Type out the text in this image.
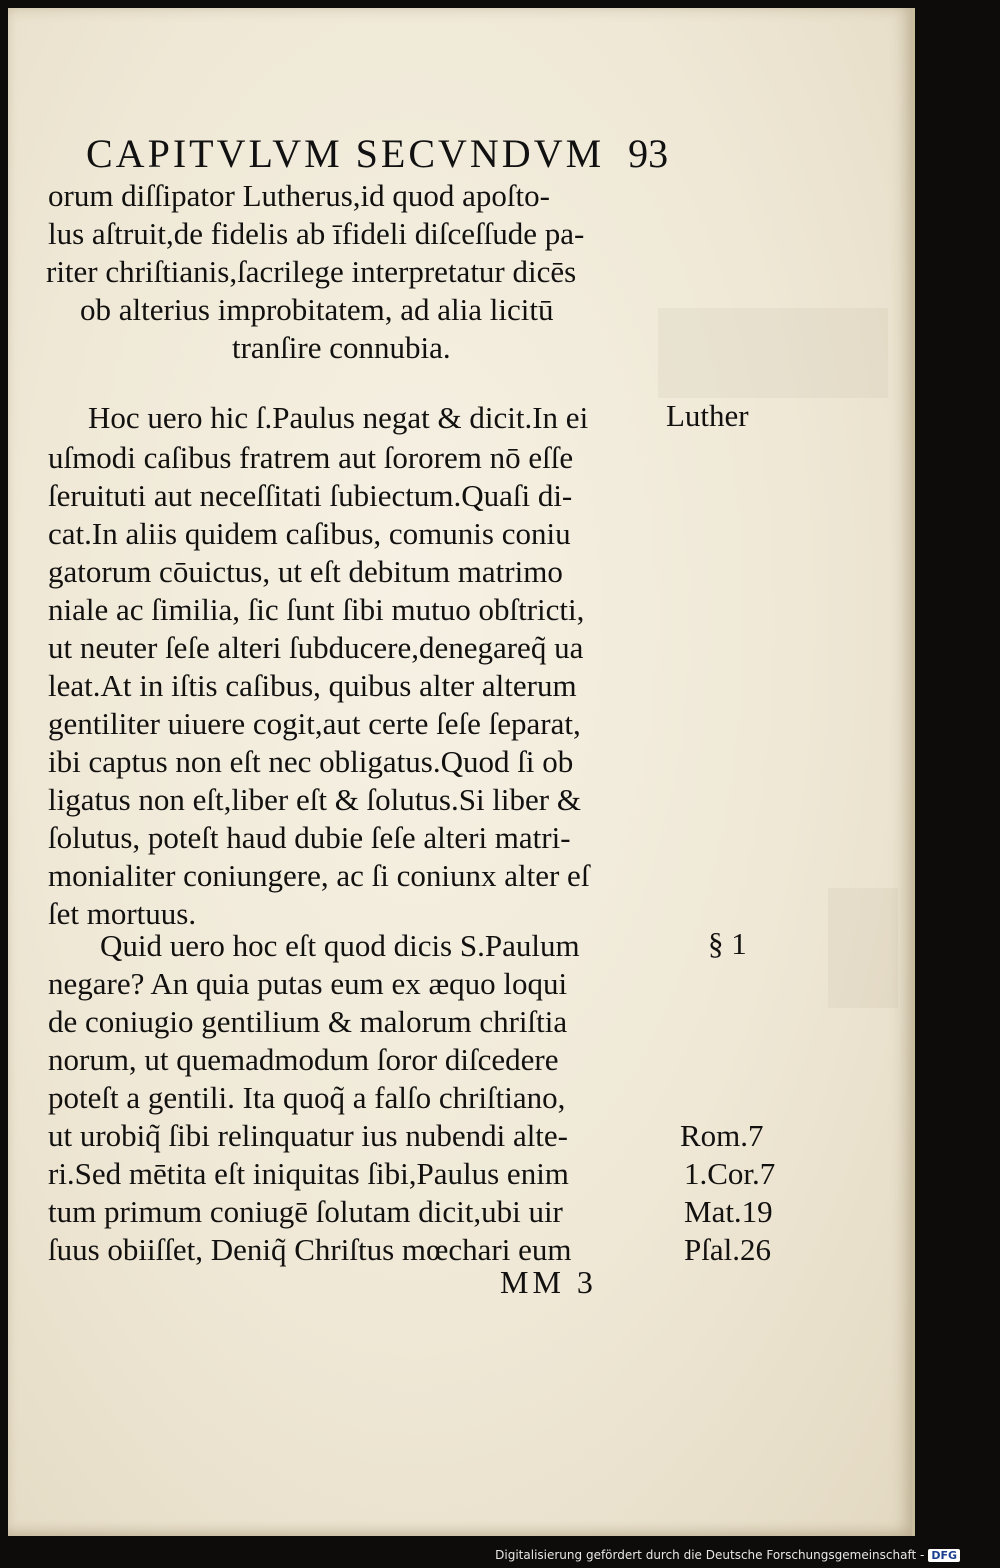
CAPITVLVM SECVNDVM 93
orum diſſipator Lutherus,id quod apoſto-
lus aſtruit,de fidelis ab īfideli diſceſſude pa-
riter chriſtianis,ſacrilege interpretatur dicēs
ob alterius improbitatem, ad alia licitū
tranſire connubia.
Hoc uero hic ſ.Paulus negat & dicit.In ei
uſmodi caſibus fratrem aut ſororem nō eſſe
ſeruituti aut neceſſitati ſubiectum.Quaſi di-
cat.In aliis quidem caſibus, comunis coniu
gatorum cōuictus, ut eſt debitum matrimo
niale ac ſimilia, ſic ſunt ſibi mutuo obſtricti,
ut neuter ſeſe alteri ſubducere,denegareq̃ ua
leat.At in iſtis caſibus, quibus alter alterum
gentiliter uiuere cogit,aut certe ſeſe ſeparat,
ibi captus non eſt nec obligatus.Quod ſi ob
ligatus non eſt,liber eſt & ſolutus.Si liber &
ſolutus, poteſt haud dubie ſeſe alteri matri-
monialiter coniungere, ac ſi coniunx alter eſ
ſet mortuus.
Quid uero hoc eſt quod dicis S.Paulum
negare? An quia putas eum ex æquo loqui
de coniugio gentilium & malorum chriſtia
norum, ut quemadmodum ſoror diſcedere
poteſt a gentili. Ita quoq̃ a falſo chriſtiano,
ut urobiq̃ ſibi relinquatur ius nubendi alte-
ri.Sed mētita eſt iniquitas ſibi,Paulus enim
tum primum coniugē ſolutam dicit,ubi uir
ſuus obiiſſet, Deniq̃ Chriſtus mœchari eum
Luther
§ 1
Rom.7
1.Cor.7
Mat.19
Pſal.26
MM 3
Digitalisierung gefördert durch die Deutsche Forschungsgemeinschaft - DFG
